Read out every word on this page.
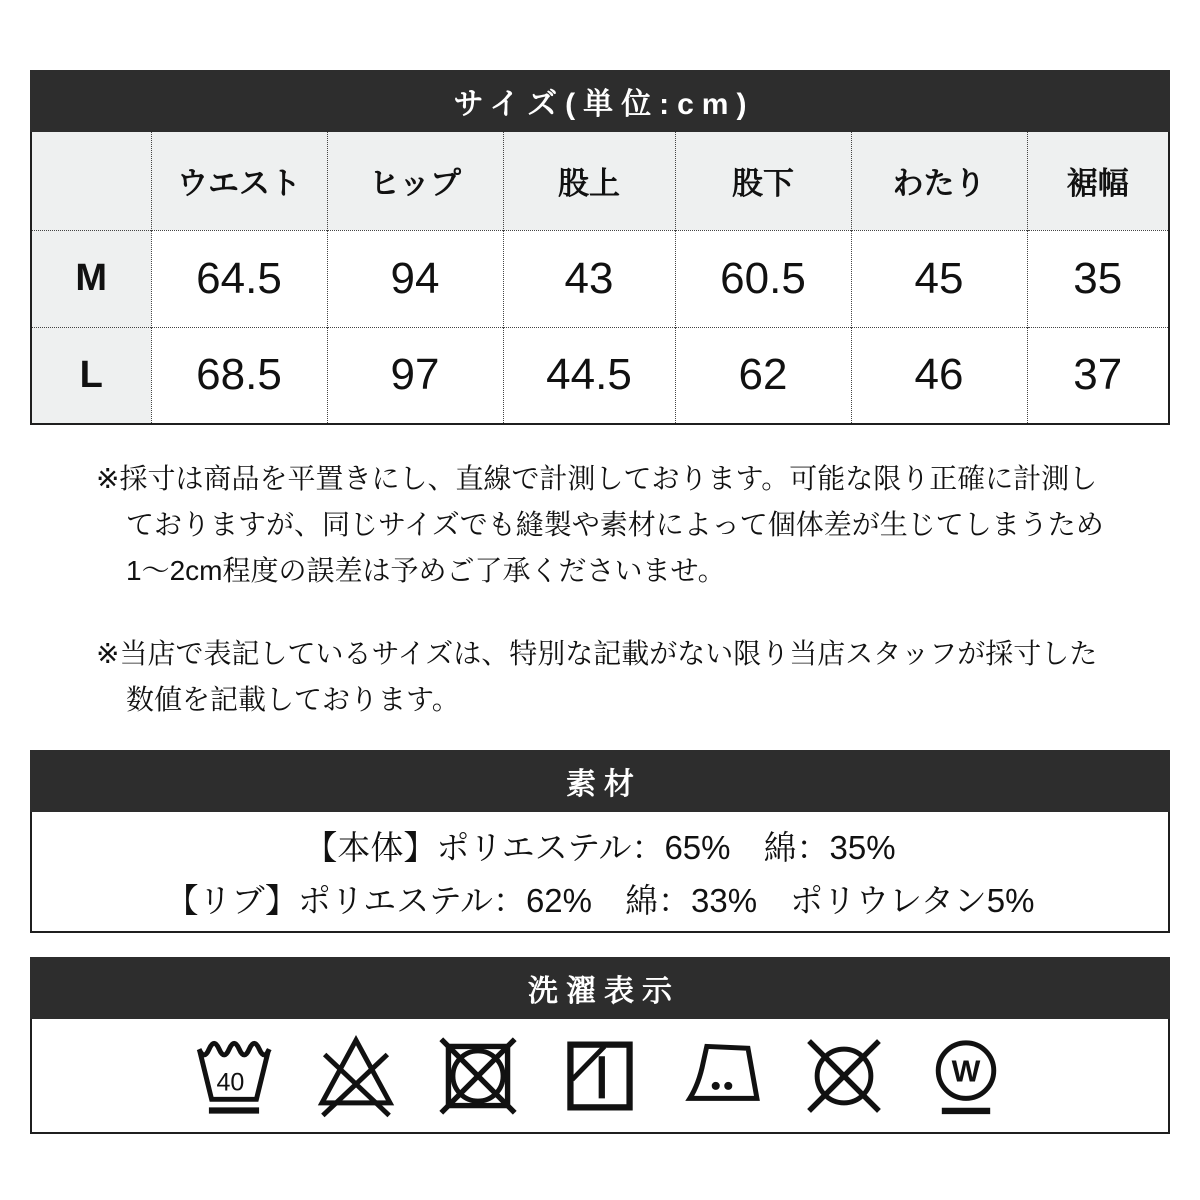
サイズ(単位:cm)
	ウエスト	ヒップ	股上	股下	わたり	裾幅
M	64.5	94	43	60.5	45	35
L	68.5	97	44.5	62	46	37
※採寸は商品を平置きにし、直線で計測しております。可能な限り正確に計測し
ておりますが、同じサイズでも縫製や素材によって個体差が生じてしまうため
1〜2cm程度の誤差は予めご了承くださいませ。
※当店で表記しているサイズは、特別な記載がない限り当店スタッフが採寸した
数値を記載しております。
素材
【本体】ポリエステル：65%　綿：35%
【リブ】ポリエステル：62%　綿：33%　ポリウレタン5%
洗濯表示
40	W
